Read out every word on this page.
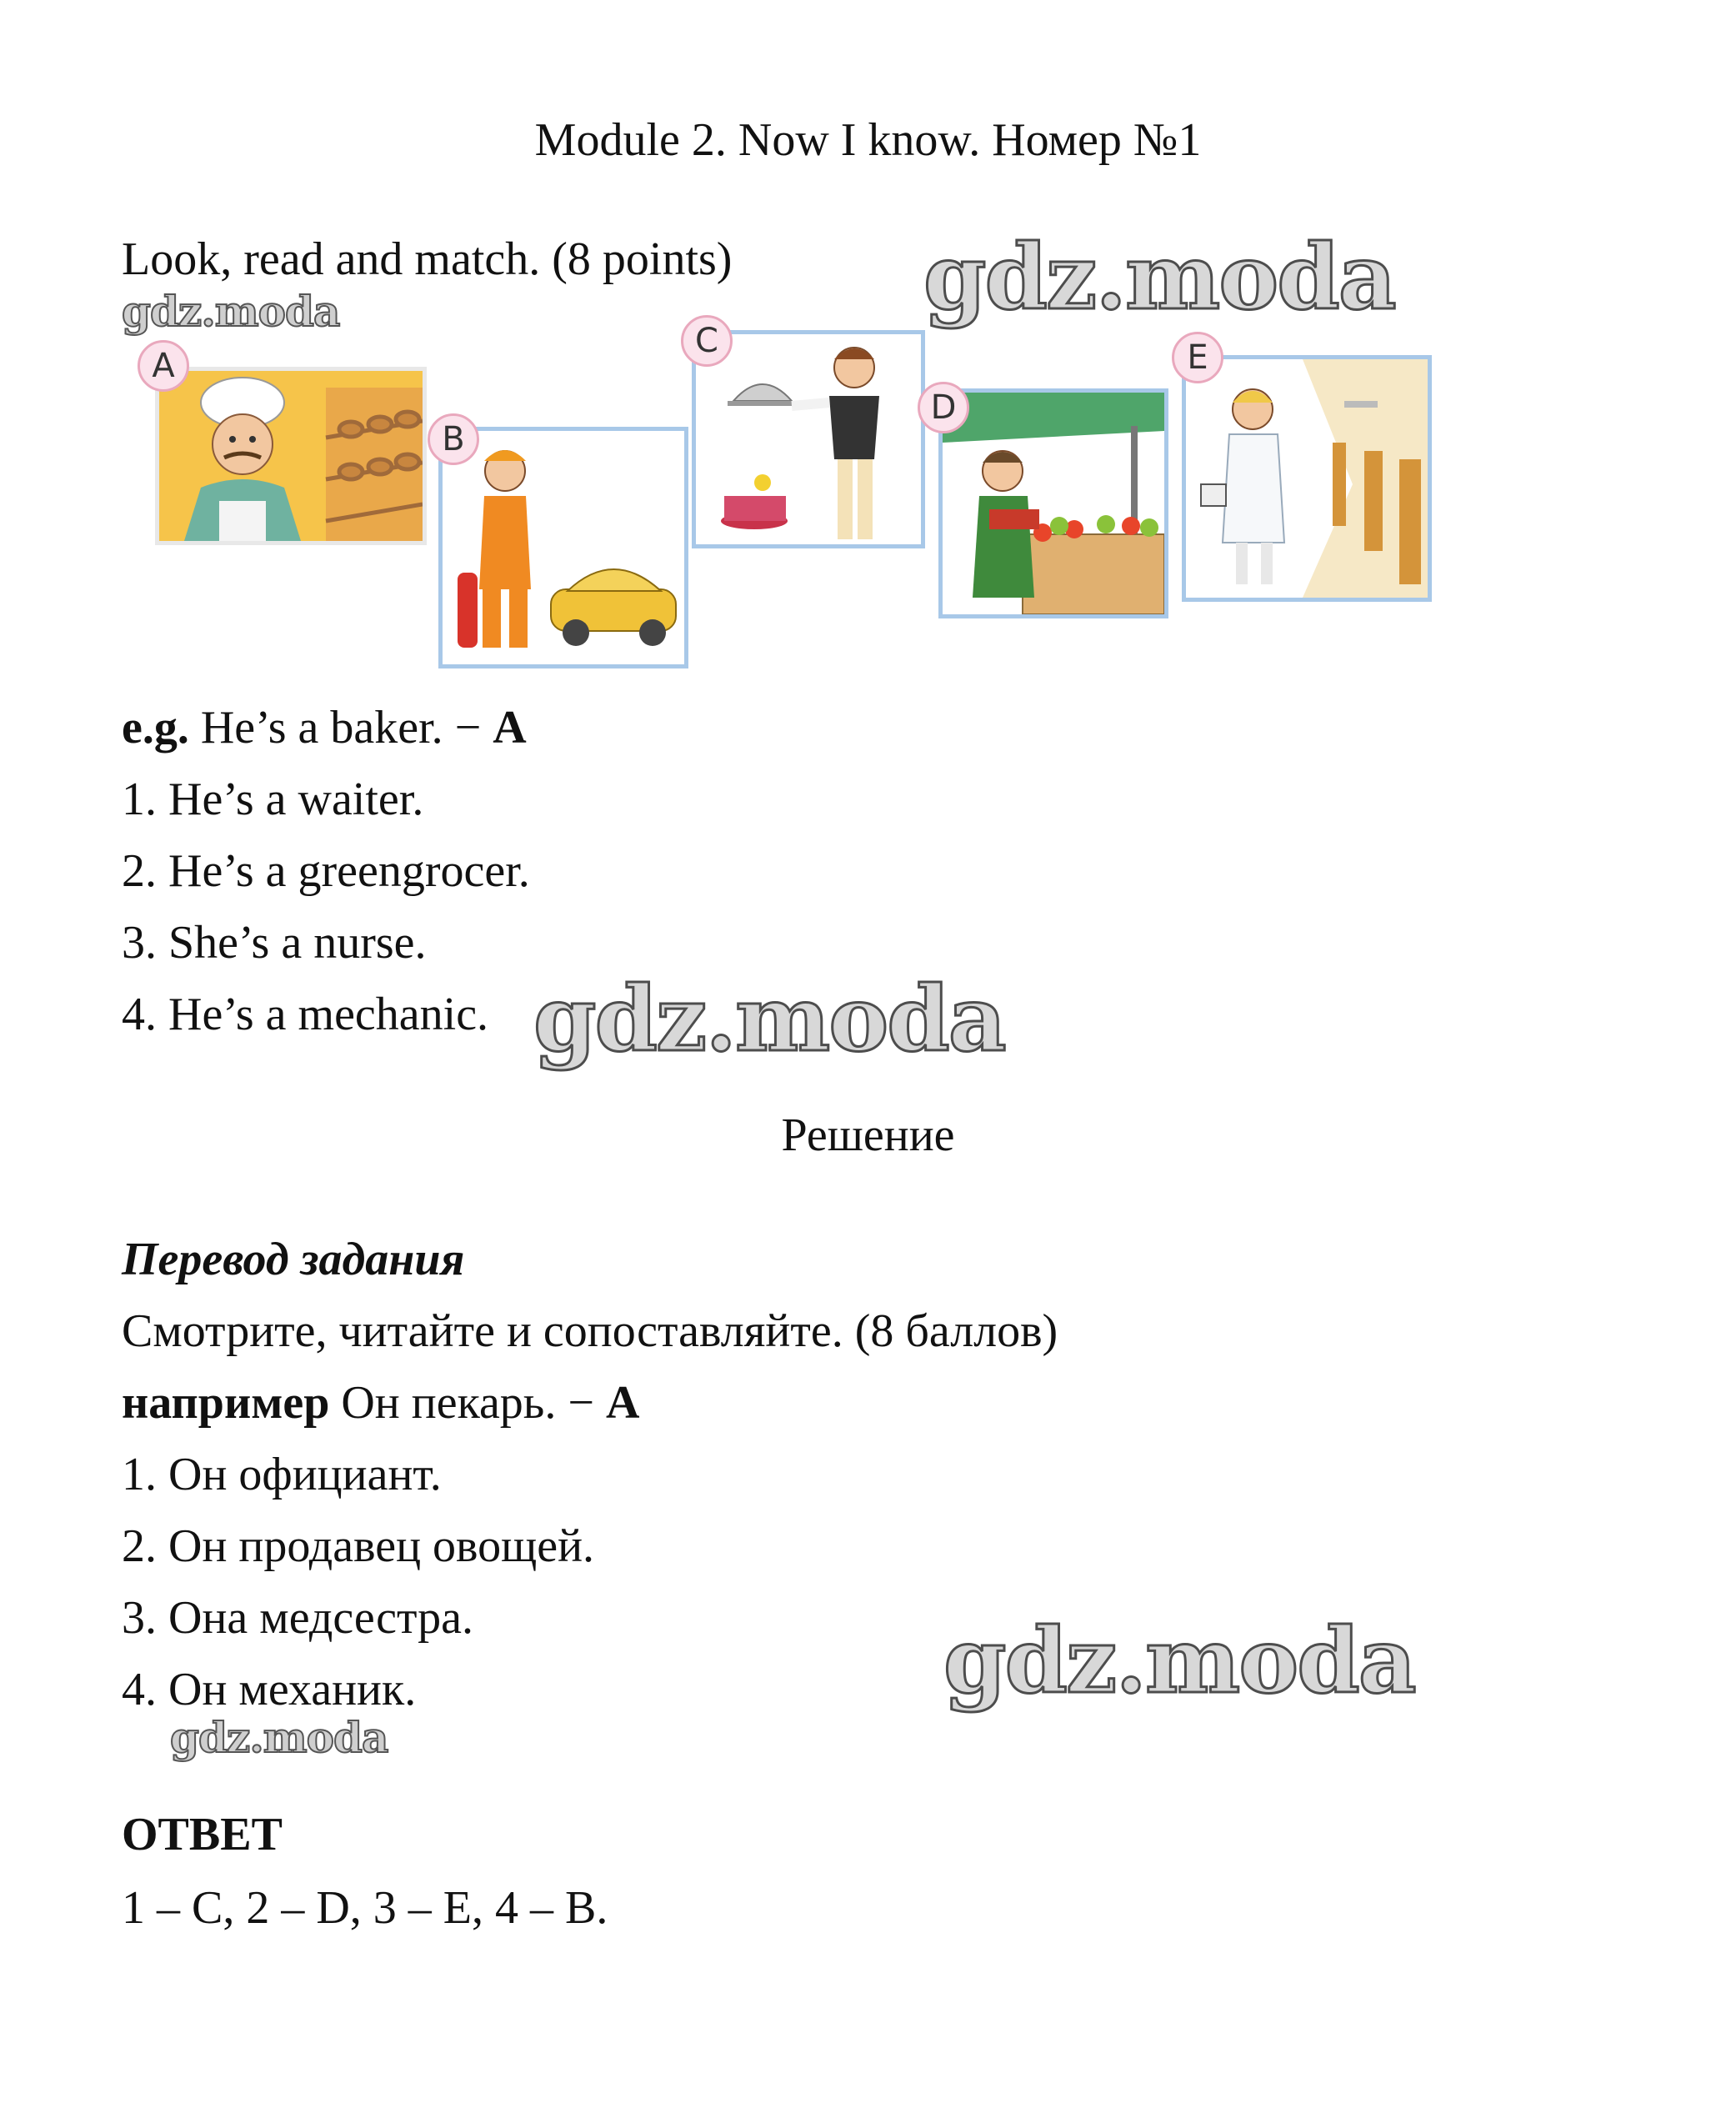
Module 2. Now I know. Номер №1
Look, read and match. (8 points) gdz.moda
gdz.moda
gdz.moda
gdz.moda
gdz.moda
A
B
C
D
E
e.g. He’s a baker. − A
1. He’s a waiter.
2. He’s a greengrocer.
3. She’s a nurse.
4. He’s a mechanic.
Решение
Перевод задания
Смотрите, читайте и сопоставляйте. (8 баллов)
например Он пекарь. − А
1. Он официант.
2. Он продавец овощей.
3. Она медсестра.
4. Он механик.
ОТВЕТ
1 – C, 2 – D, 3 – E, 4 – B.
